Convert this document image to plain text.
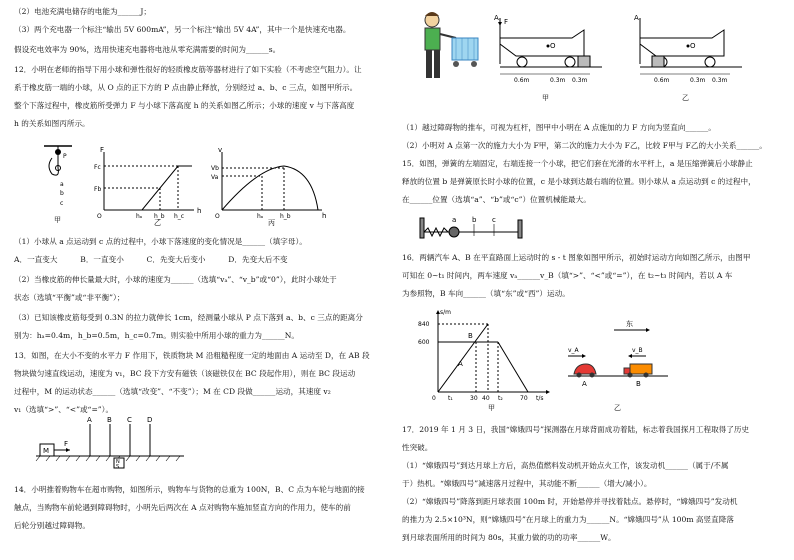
（2）电池充满电储存的电能为______J；
（3）两个充电器一个标注“输出 5V 600mA”，另一个标注“输出 5V 4A”，其中一个是快速充电器。
假设充电效率为 90%，选用快速充电器将电池从零充满需要的时间为______s。
12．小明在老师的指导下用小球和弹性很好的轻质橡皮筋等器材进行了如下实验（不考虑空气阻力）。让
系于橡皮筋一端的小球，从 O 点的正下方的 P 点由静止释放，分别经过 a、b、c 三点，如图甲所示。
整个下落过程中，橡皮筋所受弹力 F 与小球下落高度 h 的关系如图乙所示；小球的速度 v 与下落高度
h 的关系如图丙所示。
P
a
b
c
甲
F
Fc
Fb
O	hₐ h_b h_c
h
乙
v
Vb
Va
O	hₐ	h_b	h
丙
（1）小球从 a 点运动到 c 点的过程中，小球下落速度的变化情况是______（填字母）。
A．一直变大　　　B．一直变小　　　C．先变大后变小　　　D．先变大后不变
（2）当橡皮筋的伸长量最大时，小球的速度为______（选填“vₐ”、“v_b”或“0”），此时小球处于
状态（选填“平衡”或“非平衡”）；
（3）已知该橡皮筋每受到 0.3N 的拉力就伸长 1cm，经测量小球从 P 点下落到 a、b、c 三点的距离分
别为：hₐ=0.4m，h_b=0.5m，h_c=0.7m。则实验中所用小球的重力为______N。
13．如图，在大小不变的水平力 F 作用下，铁质物块 M 沿粗糙程度一定的地面由 A 运动至 D，在 AB 段
物块做匀速直线运动，速度为 v₁，BC 段下方安有磁铁（该磁铁仅在 BC 段起作用），则在 BC 段运动
过程中，M 的运动状态______（选填“改变”、“不变”）；M 在 CD 段做______运动，其速度 v₂
v₁（选填“>”、“<”或“=”）。
M
F
A B C D
N
S
14．小明推着购物车在超市购物，如图所示，购物车与货物的总重为 100N，B、C 点为车轮与地面的接
触点，当购物车前轮遇到障碍物时，小明先后两次在 A 点对购物车施加竖直方向的作用力，使车的前
后轮分别越过障碍物。
A F
O
0.6m	0.3m 0.3m
甲
A
O
0.6m	0.3m 0.3m
乙
（1）越过障碍物的推车，可视为杠杆，图甲中小明在 A 点施加的力 F 方向为竖直向______。
（2）小明对 A 点第一次的施力大小为 F甲，第二次的施力大小为 F乙，比较 F甲与 F乙的大小关系______。
15．如图，弹簧的左端固定，右端连接一个小球，把它们套在光滑的水平杆上，a 是压缩弹簧后小球静止
释放的位置 b 是弹簧原长时小球的位置，c 是小球到达最右端的位置。则小球从 a 点运动到 c 的过程中，
在______位置（选填“a”、“b”或“c”）位置机械能最大。
a b c
16．两辆汽车 A、B 在平直路面上运动时的 s - t 图象如图甲所示，初始时运动方向如图乙所示，由图甲
可知在 0~t₁ 时间内，两车速度 vₐ______v_B（填“>”、“<”或“=”），在 t₂~t₃ 时间内，若以 A 车
为参照物，B 车向______（填“东”或“西”）运动。
s/m
840
600
B
A
0 t₁	30 40 t₂	70 t/s
甲
东
v_A	v_B
A	B
乙
17．2019 年 1 月 3 日，我国“嫦娥四号”探测器在月球背面成功着陆，标志着我国探月工程取得了历史
性突破。
（1）“嫦娥四号”到达月球上方后，高热值燃料发动机开始点火工作，该发动机______（属于/不属
于）热机。“嫦娥四号”减速落月过程中，其动能不断______（增大/减小）。
（2）“嫦娥四号”降落到距月球表面 100m 时，开始悬停并寻找着陆点。悬停时，“嫦娥四号”发动机
的推力为 2.5×10³N，则“嫦娥四号”在月球上的重力为______N。“嫦娥四号”从 100m 高竖直降落
到月球表面所用的时间为 80s，其重力做的功的功率______W。
